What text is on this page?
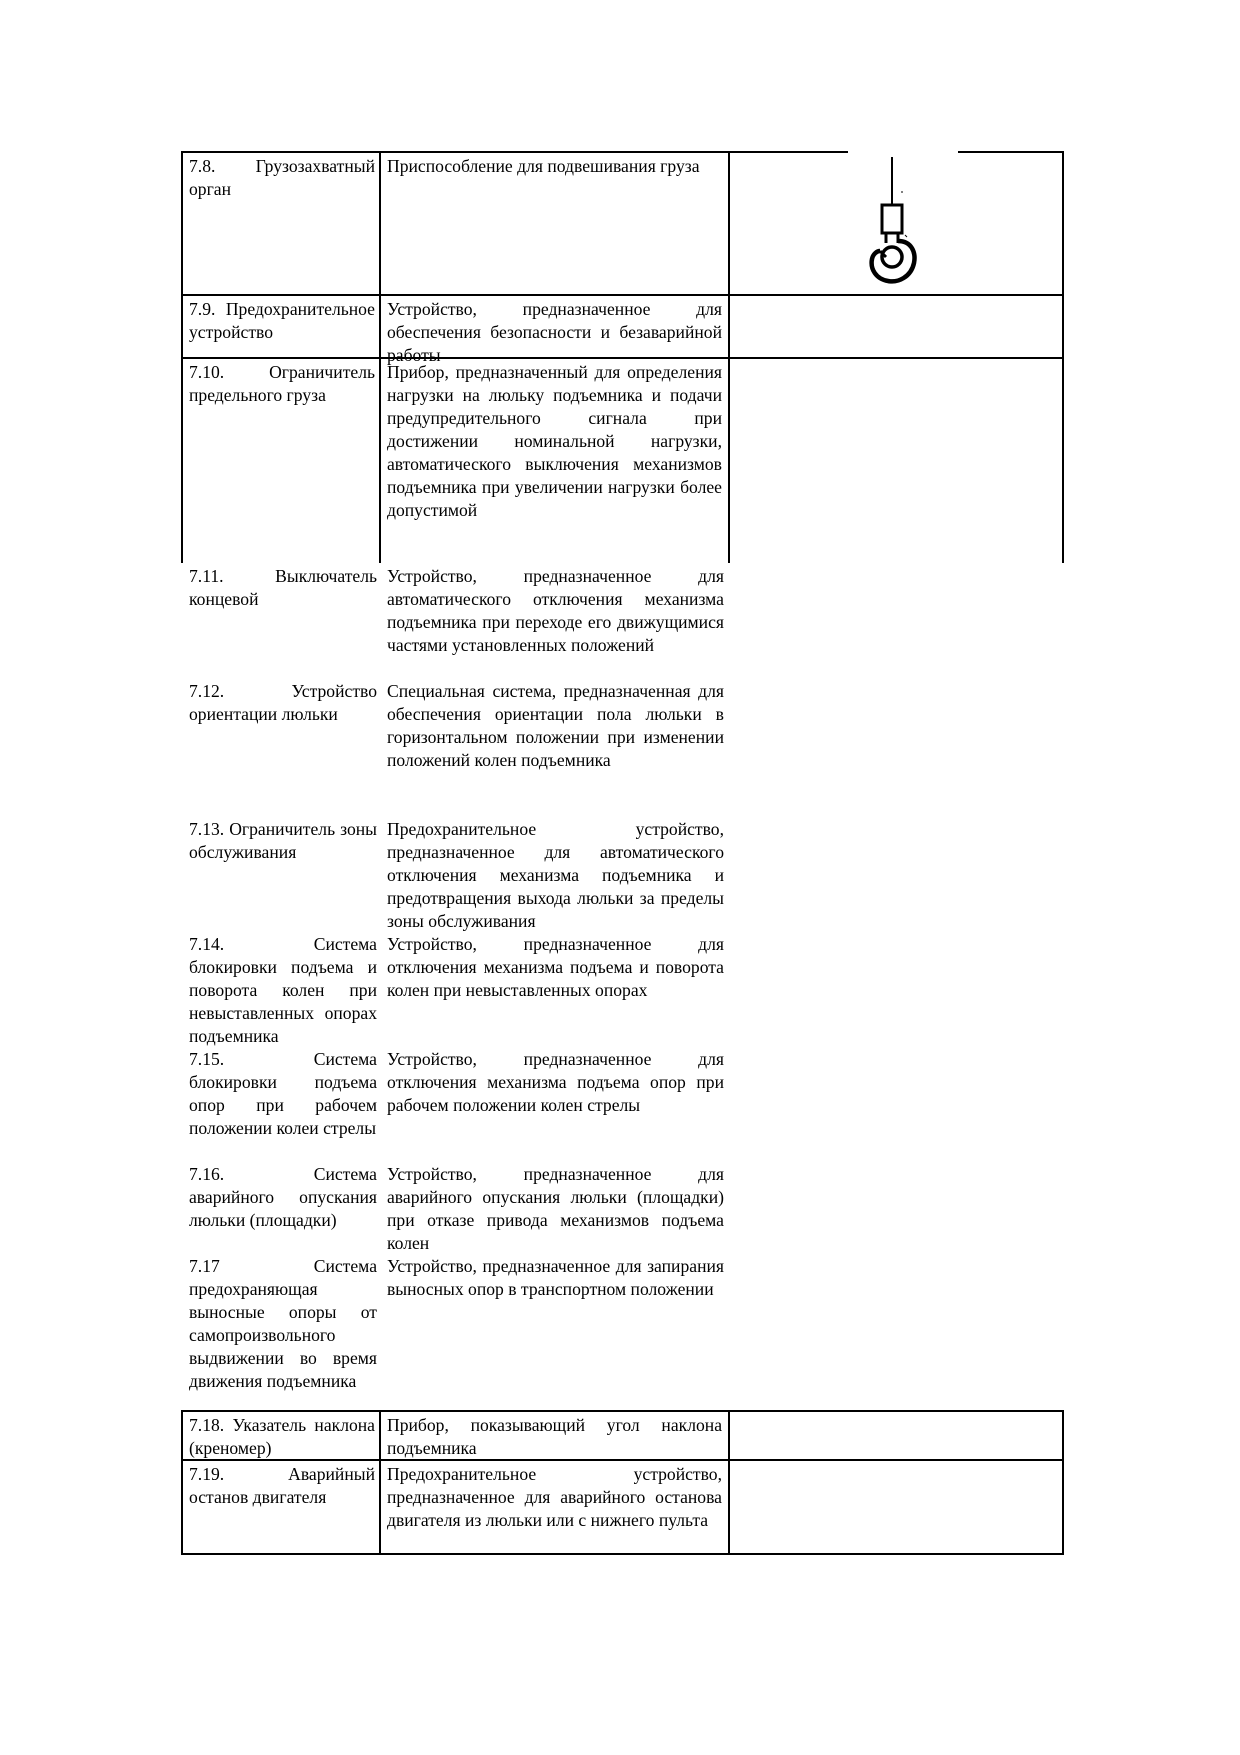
7.8. Грузозахватный орган
Приспособление для подвешивания груза
7.9. Предохранительное устройство
Устройство, предназначенное для обеспечения безопасности и безаварийной работы
7.10. Ограничитель предельного груза
Прибор, предназначенный для определения нагрузки на люльку подъемника и подачи предупредительного сигнала при достижении номинальной нагрузки, автоматического выключения механизмов подъемника при увеличении нагрузки более допустимой
7.11. Выключатель концевой
Устройство, предназначенное для автоматического отключения механизма подъемника при переходе его движущимися частями установленных положений
7.12. Устройство ориентации люльки
Специальная система, предназначенная для обеспечения ориентации пола люльки в горизонтальном положении при изменении положений колен подъемника
7.13. Ограничитель зоны обслуживания
Предохранительное устройство, предназначенное для автоматического отключения механизма подъемника и предотвращения выхода люльки за пределы зоны обслуживания
7.14. Система блокировки подъема и поворота колен при невыставленных опорах подъемника
Устройство, предназначенное для отключения механизма подъема и поворота колен при невыставленных опорах
7.15. Система блокировки подъема опор при рабочем положении колеи стрелы
Устройство, предназначенное для отключения механизма подъема опор при рабочем положении колен стрелы
7.16. Система аварийного опускания люльки (площадки)
Устройство, предназначенное для аварийного опускания люльки (площадки) при отказе привода механизмов подъема колен
7.17 Система предохраняющая выносные опоры от самопроизвольного выдвижении во время движения подъемника
Устройство, предназначенное для запирания выносных опор в транспортном положении
7.18. Указатель наклона (креномер)
Прибор, показывающий угол наклона подъемника
7.19. Аварийный останов двигателя
Предохранительное устройство, предназначенное для аварийного останова двигателя из люльки или с нижнего пульта
